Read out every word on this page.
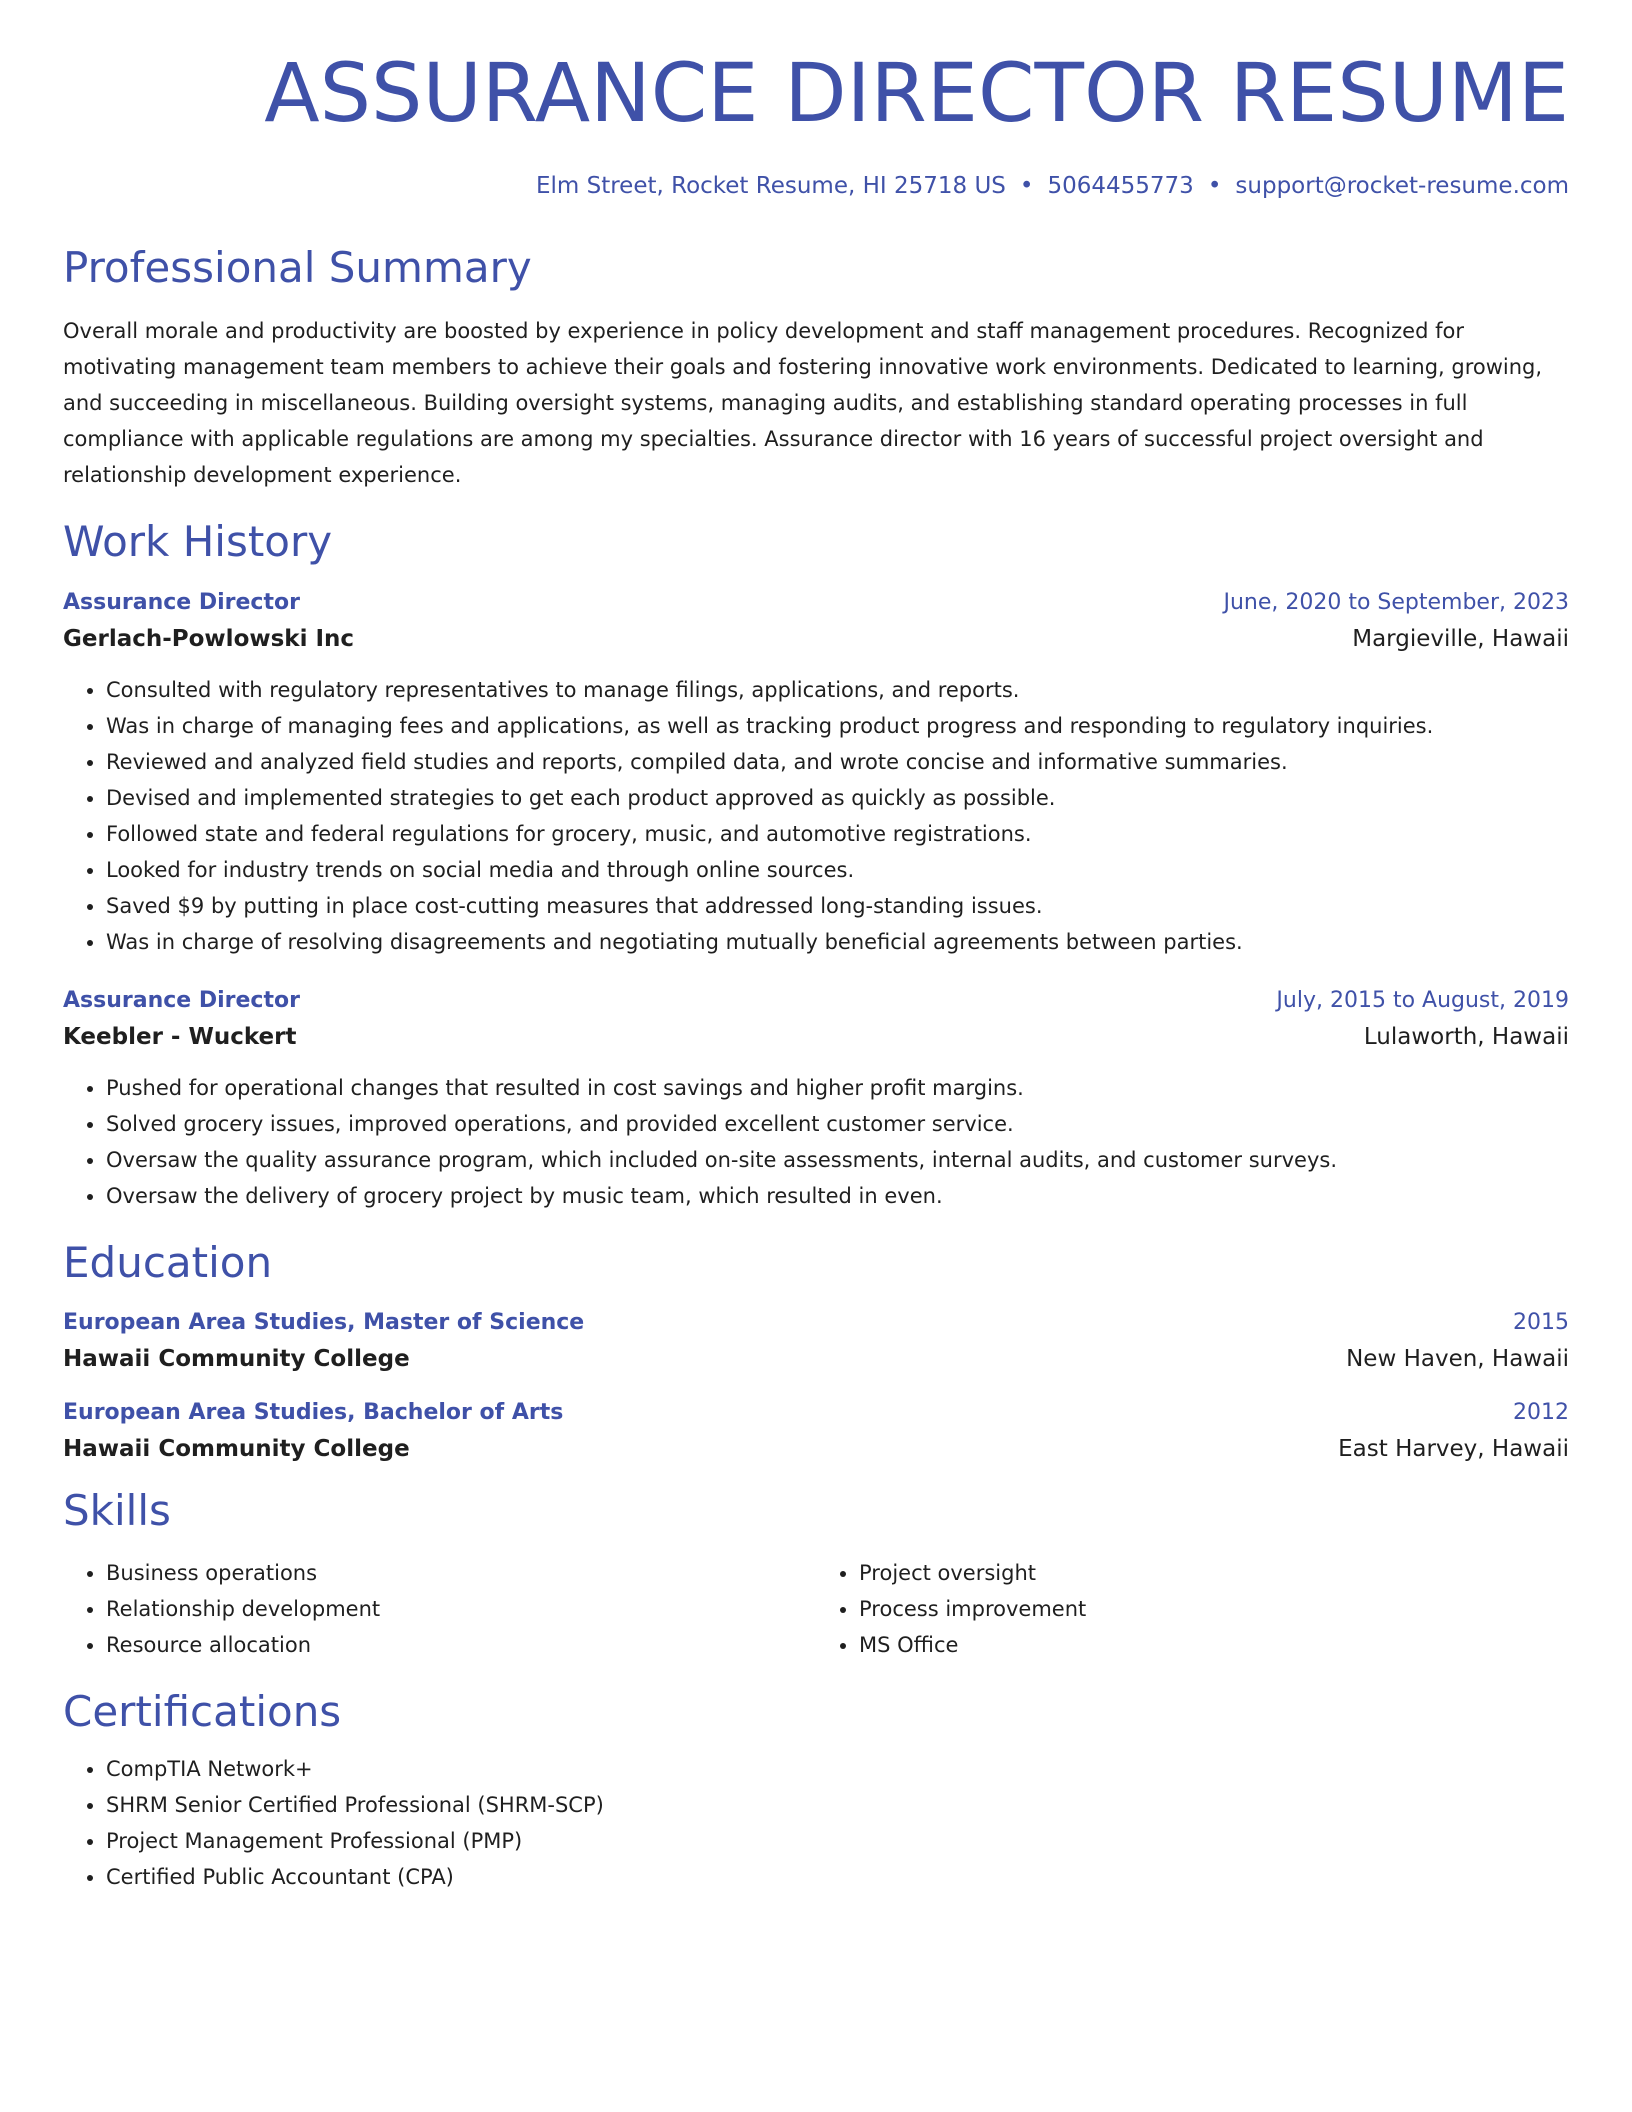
ASSURANCE DIRECTOR RESUME
Elm Street, Rocket Resume, HI 25718 US • 5064455773 • support@rocket-resume.com
Professional Summary

Overall morale and productivity are boosted by experience in policy development and staff management procedures. Recognized for motivating management team members to achieve their goals and fostering innovative work environments. Dedicated to learning, growing, and succeeding in miscellaneous. Building oversight systems, managing audits, and establishing standard operating processes in full compliance with applicable regulations are among my specialties. Assurance director with 16 years of successful project oversight and relationship development experience.

Work History
Assurance Director	June, 2020 to September, 2023
Gerlach-Powlowski Inc	Margieville, Hawaii
• Consulted with regulatory representatives to manage filings, applications, and reports.
• Was in charge of managing fees and applications, as well as tracking product progress and responding to regulatory inquiries.
• Reviewed and analyzed field studies and reports, compiled data, and wrote concise and informative summaries.
• Devised and implemented strategies to get each product approved as quickly as possible.
• Followed state and federal regulations for grocery, music, and automotive registrations.
• Looked for industry trends on social media and through online sources.
• Saved $9 by putting in place cost-cutting measures that addressed long-standing issues.
• Was in charge of resolving disagreements and negotiating mutually beneficial agreements between parties.
Assurance Director	July, 2015 to August, 2019
Keebler - Wuckert	Lulaworth, Hawaii
• Pushed for operational changes that resulted in cost savings and higher profit margins.
• Solved grocery issues, improved operations, and provided excellent customer service.
• Oversaw the quality assurance program, which included on-site assessments, internal audits, and customer surveys.
• Oversaw the delivery of grocery project by music team, which resulted in even.
Education
European Area Studies, Master of Science	2015
Hawaii Community College	New Haven, Hawaii
European Area Studies, Bachelor of Arts	2012
Hawaii Community College	East Harvey, Hawaii
Skills
• Business operations
• Relationship development
• Resource allocation
• Project oversight
• Process improvement
• MS Office
Certifications
• CompTIA Network+
• SHRM Senior Certified Professional (SHRM-SCP)
• Project Management Professional (PMP)
• Certified Public Accountant (CPA)
